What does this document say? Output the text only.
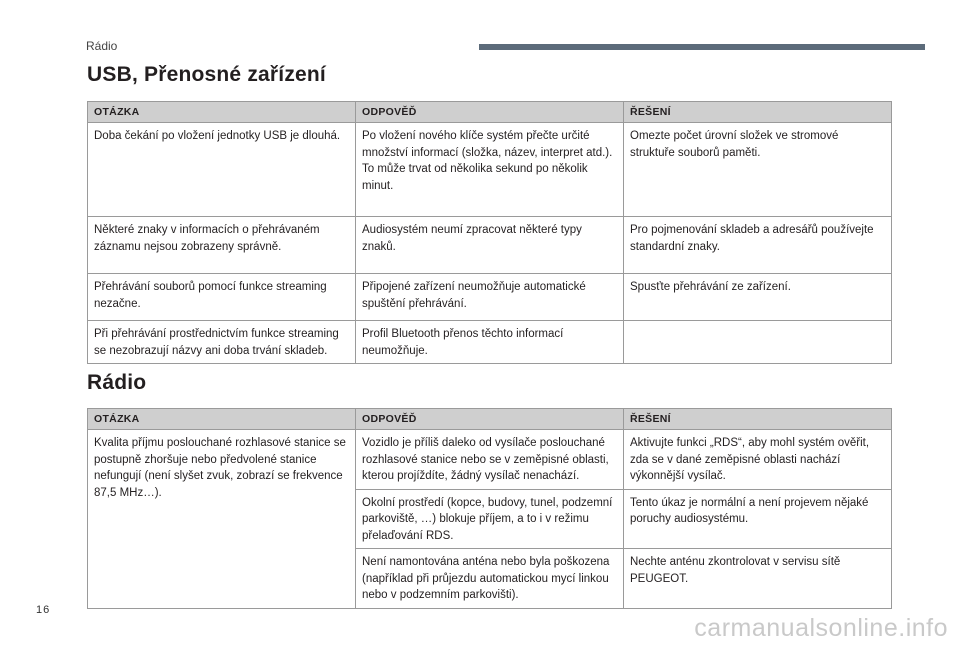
Rádio
USB, Přenosné zařízení
OTÁZKA	ODPOVĚĎ	ŘEŠENÍ
Doba čekání po vložení jednotky USB je dlouhá.	Po vložení nového klíče systém přečte určité množství informací (složka, název, interpret atd.). To může trvat od několika sekund po několik minut.	Omezte počet úrovní složek ve stromové struktuře souborů paměti.
Některé znaky v informacích o přehrávaném záznamu nejsou zobrazeny správně.	Audiosystém neumí zpracovat některé typy znaků.	Pro pojmenování skladeb a adresářů používejte standardní znaky.
Přehrávání souborů pomocí funkce streaming nezačne.	Připojené zařízení neumožňuje automatické spuštění přehrávání.	Spusťte přehrávání ze zařízení.
Při přehrávání prostřednictvím funkce streaming se nezobrazují názvy ani doba trvání skladeb.	Profil Bluetooth přenos těchto informací neumožňuje.	
Rádio
OTÁZKA	ODPOVĚĎ	ŘEŠENÍ
Kvalita příjmu poslouchané rozhlasové stanice se postupně zhoršuje nebo předvolené stanice nefungují (není slyšet zvuk, zobrazí se frekvence 87,5 MHz…).	Vozidlo je příliš daleko od vysílače poslouchané rozhlasové stanice nebo se v zeměpisné oblasti, kterou projíždíte, žádný vysílač nenachází.	Aktivujte funkci „RDS“, aby mohl systém ověřit, zda se v dané zeměpisné oblasti nachází výkonnější vysílač.
	Okolní prostředí (kopce, budovy, tunel, podzemní parkoviště, …) blokuje příjem, a to i v režimu přelaďování RDS.	Tento úkaz je normální a není projevem nějaké poruchy audiosystému.
	Není namontována anténa nebo byla poškozena (například při průjezdu automatickou mycí linkou nebo v podzemním parkovišti).	Nechte anténu zkontrolovat v servisu sítě PEUGEOT.
16
carmanualsonline.info
